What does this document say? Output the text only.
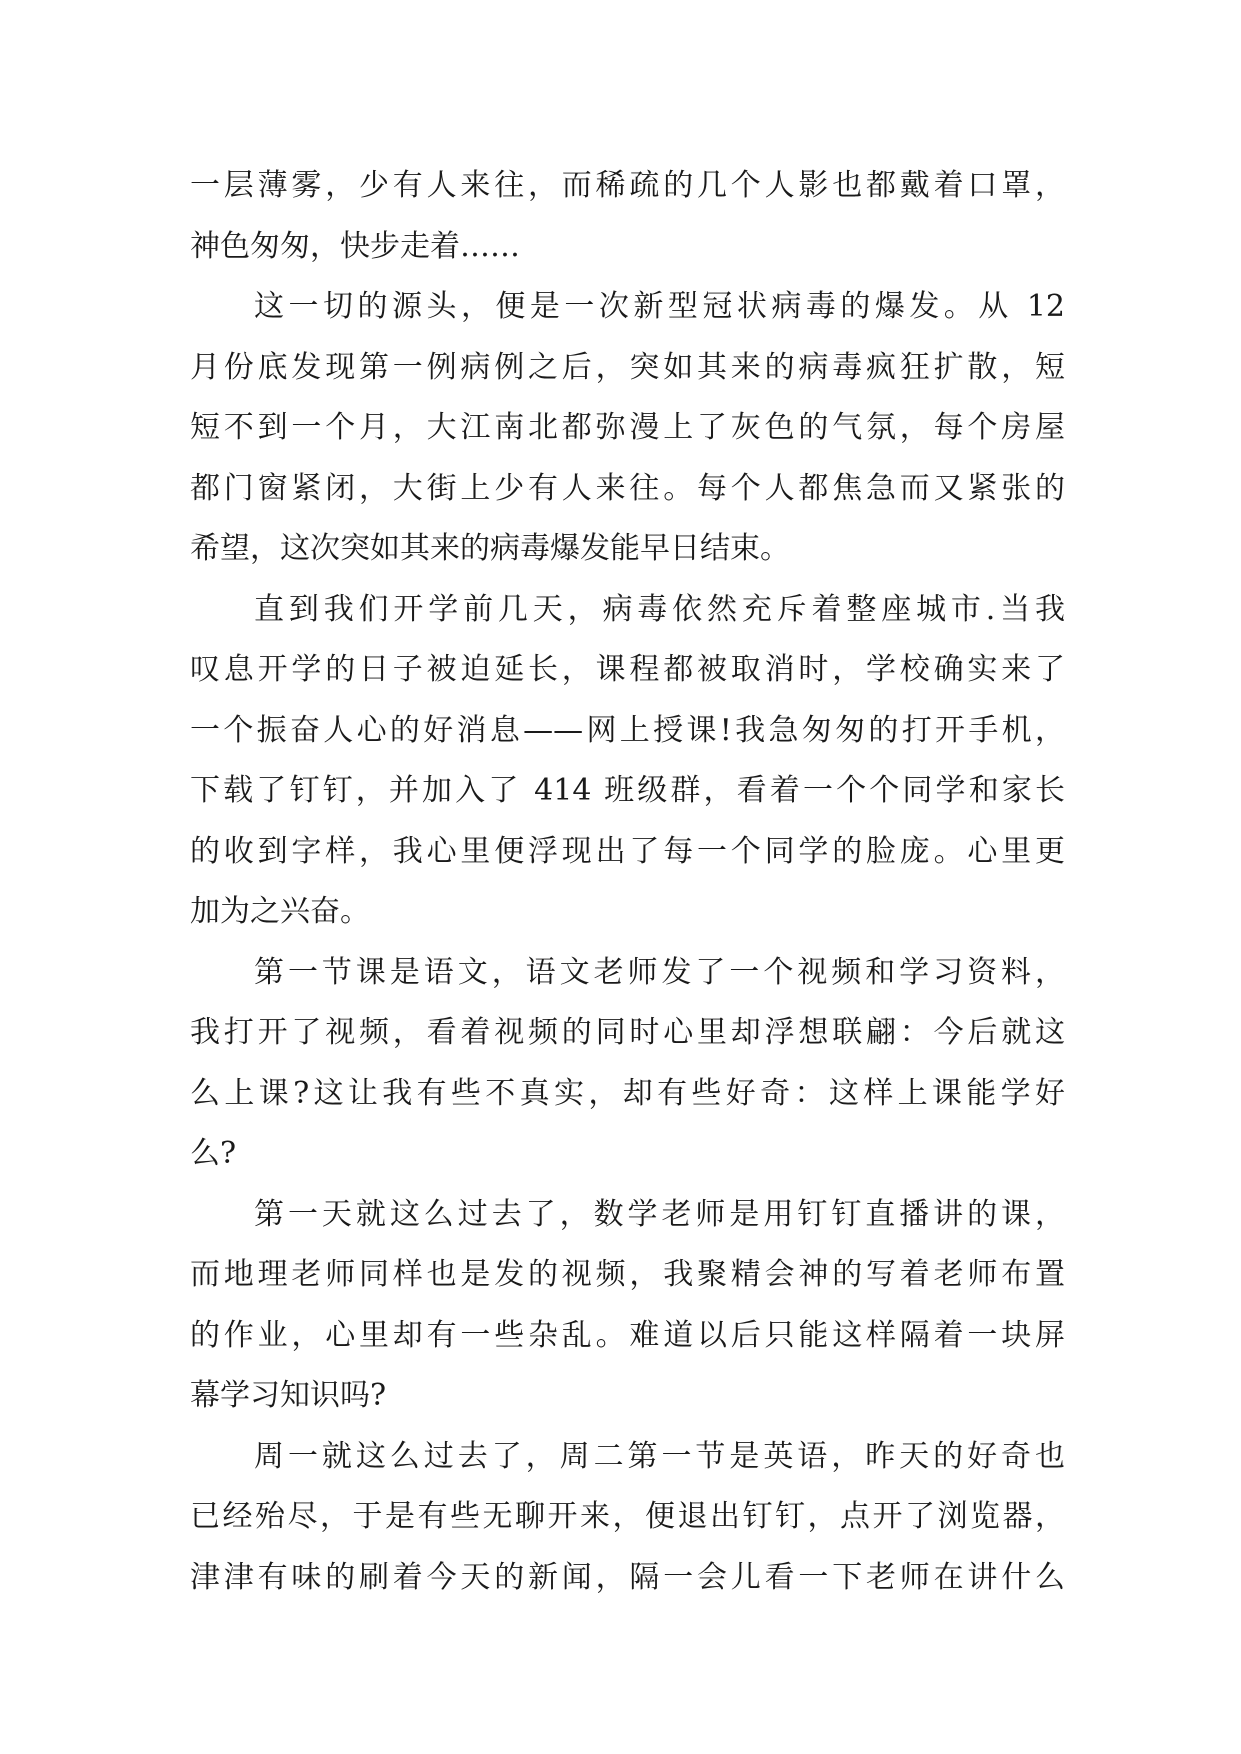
一层薄雾，少有人来往，而稀疏的几个人影也都戴着口罩，
神色匆匆，快步走着……
这一切的源头，便是一次新型冠状病毒的爆发。从 12
月份底发现第一例病例之后，突如其来的病毒疯狂扩散，短
短不到一个月，大江南北都弥漫上了灰色的气氛，每个房屋
都门窗紧闭，大街上少有人来往。每个人都焦急而又紧张的
希望，这次突如其来的病毒爆发能早日结束。
直到我们开学前几天，病毒依然充斥着整座城市.当我
叹息开学的日子被迫延长，课程都被取消时，学校确实来了
一个振奋人心的好消息——网上授课!我急匆匆的打开手机，
下载了钉钉，并加入了 414 班级群，看着一个个同学和家长
的收到字样，我心里便浮现出了每一个同学的脸庞。心里更
加为之兴奋。
第一节课是语文，语文老师发了一个视频和学习资料，
我打开了视频，看着视频的同时心里却浮想联翩：今后就这
么上课?这让我有些不真实，却有些好奇：这样上课能学好
么?
第一天就这么过去了，数学老师是用钉钉直播讲的课，
而地理老师同样也是发的视频，我聚精会神的写着老师布置
的作业，心里却有一些杂乱。难道以后只能这样隔着一块屏
幕学习知识吗?
周一就这么过去了，周二第一节是英语，昨天的好奇也
已经殆尽，于是有些无聊开来，便退出钉钉，点开了浏览器，
津津有味的刷着今天的新闻，隔一会儿看一下老师在讲什么
